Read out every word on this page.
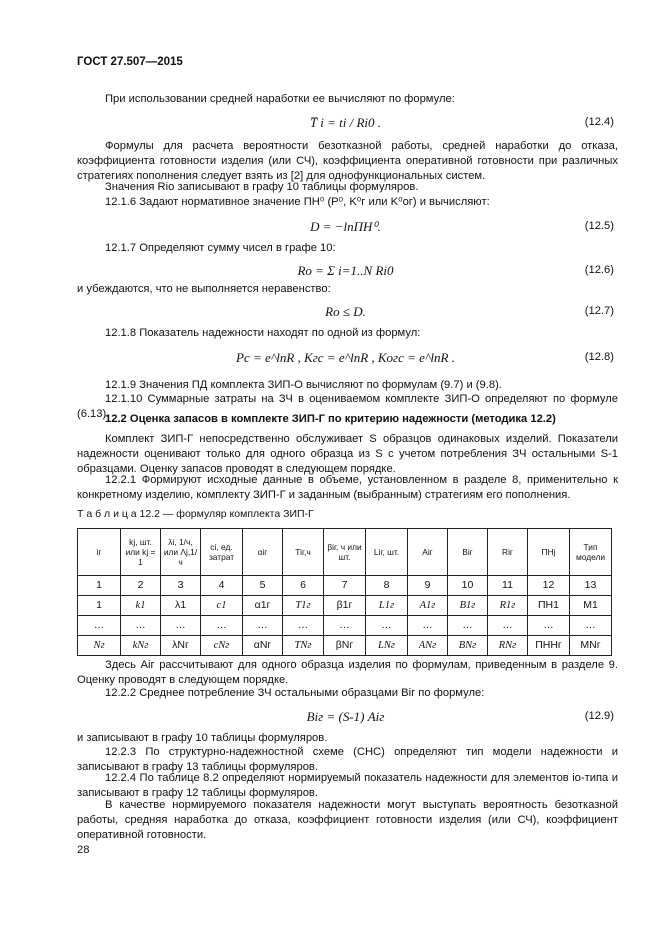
ГОСТ 27.507—2015
При использовании средней наработки ее вычисляют по формуле:
T̅ i = ti / Ri0 .	(12.4)
Формулы для расчета вероятности безотказной работы, средней наработки до отказа, коэффициента готовности изделия (или СЧ), коэффициента оперативной готовности при различных стратегиях пополнения следует взять из [2] для однофункциональных систем.
Значения Rio записывают в графу 10 таблицы формуляров.
12.1.6 Задают нормативное значение ПН⁰ (P⁰, K⁰г или K⁰ог) и вычисляют:
D = −lnПН⁰.	(12.5)
12.1.7 Определяют сумму чисел в графе 10:
Ro = Σ i=1..N Ri0	(12.6)
и убеждаются, что не выполняется неравенство:
Ro ≤ D.	(12.7)
12.1.8 Показатель надежности находят по одной из формул:
Pc = e^lnR , Kгс = e^lnR , Kогс = e^lnR .	(12.8)
12.1.9 Значения ПД комплекта ЗИП-О вычисляют по формулам (9.7) и (9.8).
12.1.10 Суммарные затраты на ЗЧ в оцениваемом комплекте ЗИП-О определяют по формуле (6.13).
12.2 Оценка запасов в комплекте ЗИП-Г по критерию надежности (методика 12.2)
Комплект ЗИП-Г непосредственно обслуживает S образцов одинаковых изделий. Показатели надежности оценивают только для одного образца из S с учетом потребления ЗЧ остальными S-1 образцами. Оценку запасов проводят в следующем порядке.
12.2.1 Формируют исходные данные в объеме, установленном в разделе 8, применительно к конкретному изделию, комплекту ЗИП-Г и заданным (выбранным) стратегиям его пополнения.
Т а б л и ц а 12.2 — формуляр комплекта ЗИП-Г
iг	kj, шт. или kj = 1	λi, 1/ч, или Λj,1/ч	ci, ед. затрат	αiг	Tiг,ч	βiг, ч или шт.	Liг, шт.	Aiг	Biг	Riг	ПНj	Тип модели
1	2	3	4	5	6	7	8	9	10	11	12	13
1	k1	λ1	c1	α1г	T1г	β1г	L1г	A1г	B1г	R1г	ПН1	М1
…	…	…	…	…	…	…	…	…	…	…	…	…
Nг	kNг	λNг	cNг	αNг	TNг	βNг	LNг	ANг	BNг	RNг	ПННг	МNг
Здесь Aiг рассчитывают для одного образца изделия по формулам, приведенным в разделе 9. Оценку проводят в следующем порядке.
12.2.2 Среднее потребление ЗЧ остальными образцами Biг по формуле:
Biг = (S-1) Aiг	(12.9)
и записывают в графу 10 таблицы формуляров.
12.2.3 По структурно-надежностной схеме (СНС) определяют тип модели надежности и записывают в графу 13 таблицы формуляров.
12.2.4 По таблице 8.2 определяют нормируемый показатель надежности для элементов io-типа и записывают в графу 12 таблицы формуляров.
В качестве нормируемого показателя надежности могут выступать вероятность безотказной работы, средняя наработка до отказа, коэффициент готовности изделия (или СЧ), коэффициент оперативной готовности.
28
